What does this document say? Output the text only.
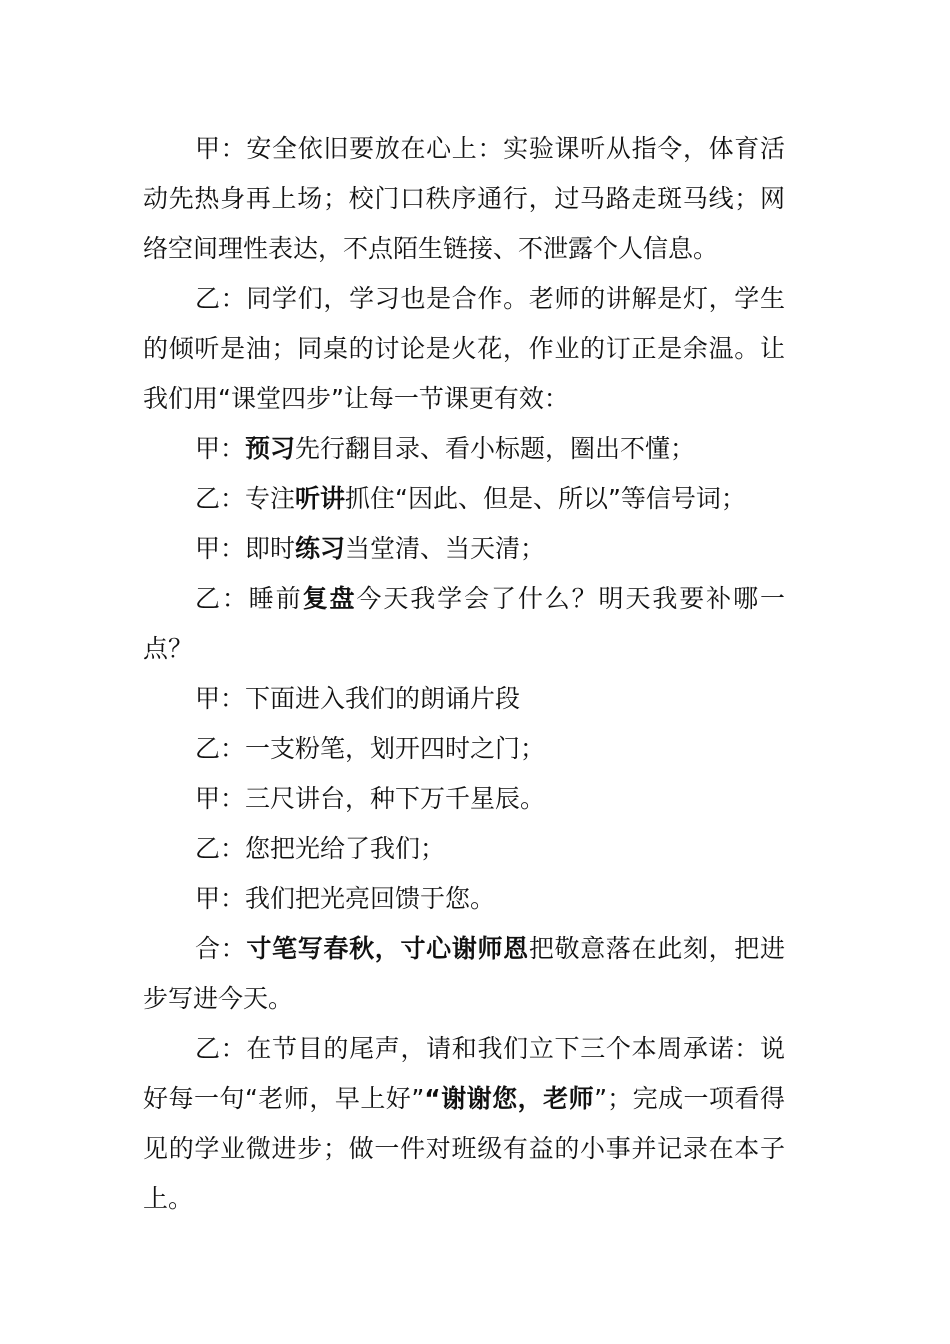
甲：安全依旧要放在心上：实验课听从指令，体育活动先热身再上场；校门口秩序通行，过马路走斑马线；网络空间理性表达，不点陌生链接、不泄露个人信息。

乙：同学们，学习也是合作。老师的讲解是灯，学生的倾听是油；同桌的讨论是火花，作业的订正是余温。让我们用“课堂四步”让每一节课更有效：

甲：预习先行翻目录、看小标题，圈出不懂；

乙：专注听讲抓住“因此、但是、所以”等信号词；

甲：即时练习当堂清、当天清；

乙：睡前复盘今天我学会了什么？明天我要补哪一点？

甲：下面进入我们的朗诵片段

乙：一支粉笔，划开四时之门；

甲：三尺讲台，种下万千星辰。

乙：您把光给了我们；

甲：我们把光亮回馈于您。

合：寸笔写春秋，寸心谢师恩把敬意落在此刻，把进步写进今天。

乙：在节目的尾声，请和我们立下三个本周承诺：说好每一句“老师，早上好”“谢谢您，老师”；完成一项看得见的学业微进步；做一件对班级有益的小事并记录在本子上。
